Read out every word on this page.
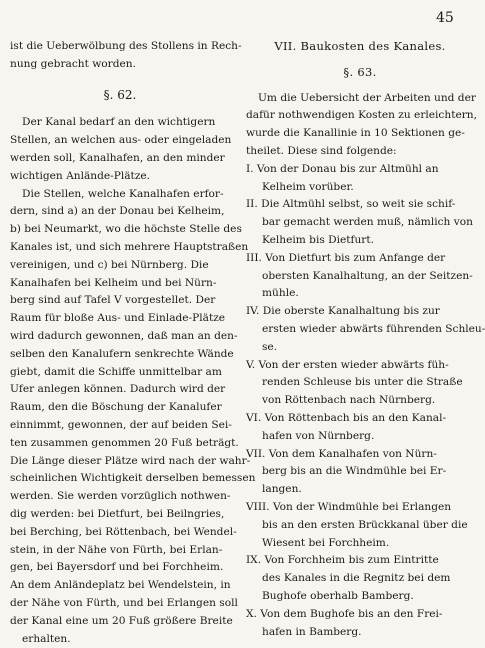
45
ist die Ueberwölbung des Stollens in Rech-
nung gebracht worden.
§. 62.
Der Kanal bedarf an den wichtigern
Stellen, an welchen aus- oder eingeladen
werden soll, Kanalhafen, an den minder
wichtigen Anlände-Plätze.
Die Stellen, welche Kanalhafen erfor-
dern, sind a) an der Donau bei Kelheim,
b) bei Neumarkt, wo die höchste Stelle des
Kanales ist, und sich mehrere Hauptstraßen
vereinigen, und c) bei Nürnberg. Die
Kanalhafen bei Kelheim und bei Nürn-
berg sind auf Tafel V vorgestellet. Der
Raum für bloße Aus- und Einlade-Plätze
wird dadurch gewonnen, daß man an den-
selben den Kanalufern senkrechte Wände
giebt, damit die Schiffe unmittelbar am
Ufer anlegen können. Dadurch wird der
Raum, den die Böschung der Kanalufer
einnimmt, gewonnen, der auf beiden Sei-
ten zusammen genommen 20 Fuß beträgt.
Die Länge dieser Plätze wird nach der wahr-
scheinlichen Wichtigkeit derselben bemessen
werden. Sie werden vorzüglich nothwen-
dig werden: bei Dietfurt, bei Beilngries,
bei Berching, bei Röttenbach, bei Wendel-
stein, in der Nähe von Fürth, bei Erlan-
gen, bei Bayersdorf und bei Forchheim.
An dem Anländeplatz bei Wendelstein, in
der Nähe von Fürth, und bei Erlangen soll
der Kanal eine um 20 Fuß größere Breite
erhalten.
VII. Baukosten des Kanales.
§. 63.
Um die Uebersicht der Arbeiten und der
dafür nothwendigen Kosten zu erleichtern,
wurde die Kanallinie in 10 Sektionen ge-
theilet. Diese sind folgende:
I. Von der Donau bis zur Altmühl an
Kelheim vorüber.
II. Die Altmühl selbst, so weit sie schif-
bar gemacht werden muß, nämlich von
Kelheim bis Dietfurt.
III. Von Dietfurt bis zum Anfange der
obersten Kanalhaltung, an der Seitzen-
mühle.
IV. Die oberste Kanalhaltung bis zur
ersten wieder abwärts führenden Schleu-
se.
V. Von der ersten wieder abwärts füh-
renden Schleuse bis unter die Straße
von Röttenbach nach Nürnberg.
VI. Von Röttenbach bis an den Kanal-
hafen von Nürnberg.
VII. Von dem Kanalhafen von Nürn-
berg bis an die Windmühle bei Er-
langen.
VIII. Von der Windmühle bei Erlangen
bis an den ersten Brückkanal über die
Wiesent bei Forchheim.
IX. Von Forchheim bis zum Eintritte
des Kanales in die Regnitz bei dem
Bughofe oberhalb Bamberg.
X. Von dem Bughofe bis an den Frei-
hafen in Bamberg.
